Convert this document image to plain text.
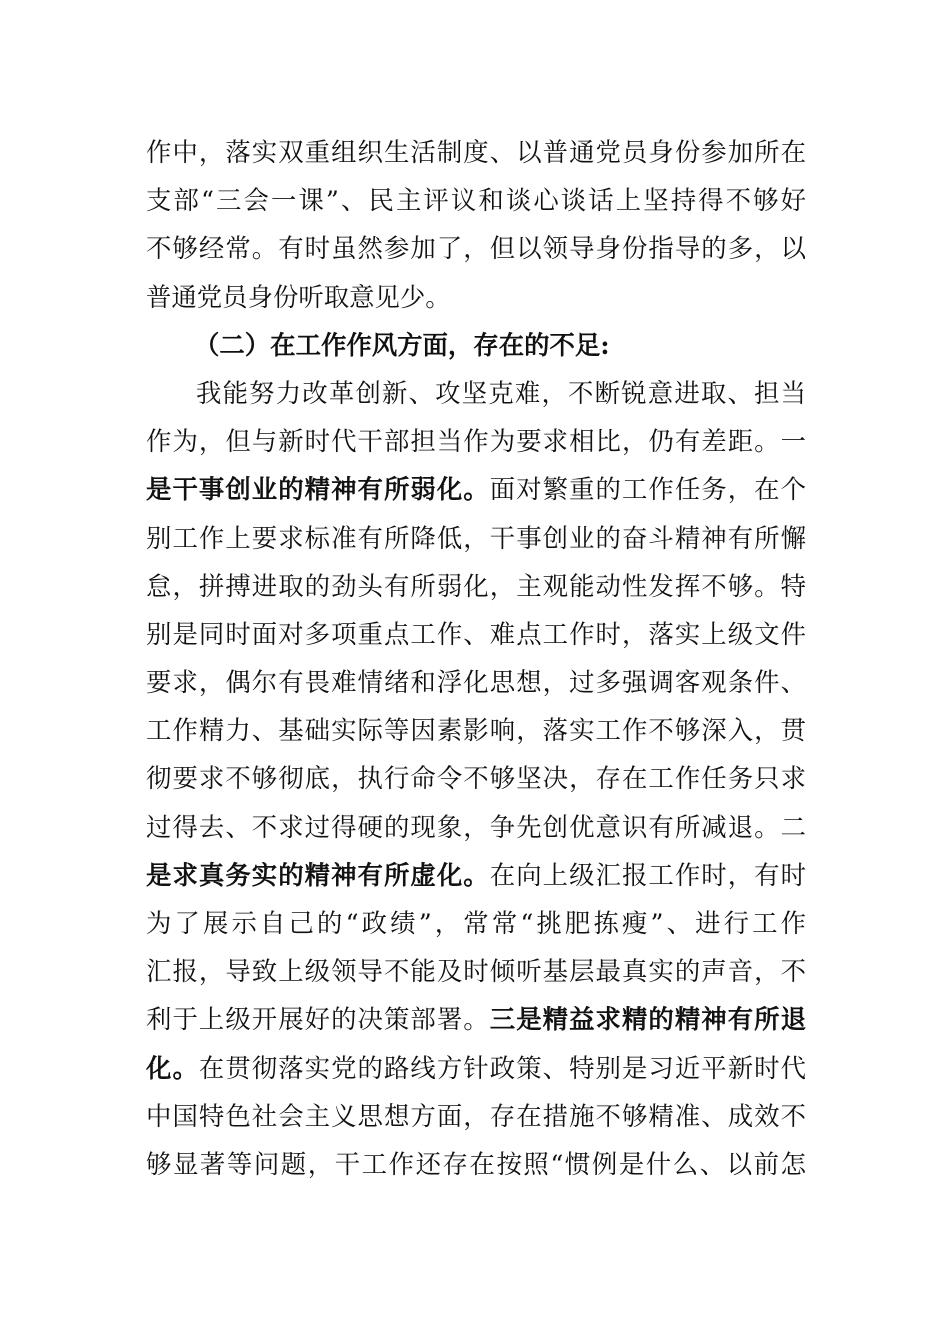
作中，落实双重组织生活制度、以普通党员身份参加所在
支部“三会一课”、民主评议和谈心谈话上坚持得不够好
不够经常。有时虽然参加了，但以领导身份指导的多，以
普通党员身份听取意见少。
（二）在工作作风方面，存在的不足:
我能努力改革创新、攻坚克难，不断锐意进取、担当
作为，但与新时代干部担当作为要求相比，仍有差距。一
是干事创业的精神有所弱化。面对繁重的工作任务，在个
别工作上要求标准有所降低，干事创业的奋斗精神有所懈
怠，拼搏进取的劲头有所弱化，主观能动性发挥不够。特
别是同时面对多项重点工作、难点工作时，落实上级文件
要求，偶尔有畏难情绪和浮化思想，过多强调客观条件、
工作精力、基础实际等因素影响，落实工作不够深入，贯
彻要求不够彻底，执行命令不够坚决，存在工作任务只求
过得去、不求过得硬的现象，争先创优意识有所减退。二
是求真务实的精神有所虚化。在向上级汇报工作时，有时
为了展示自己的“政绩”，常常“挑肥拣瘦”、进行工作
汇报，导致上级领导不能及时倾听基层最真实的声音，不
利于上级开展好的决策部署。三是精益求精的精神有所退
化。在贯彻落实党的路线方针政策、特别是习近平新时代
中国特色社会主义思想方面，存在措施不够精准、成效不
够显著等问题，干工作还存在按照“惯例是什么、以前怎
